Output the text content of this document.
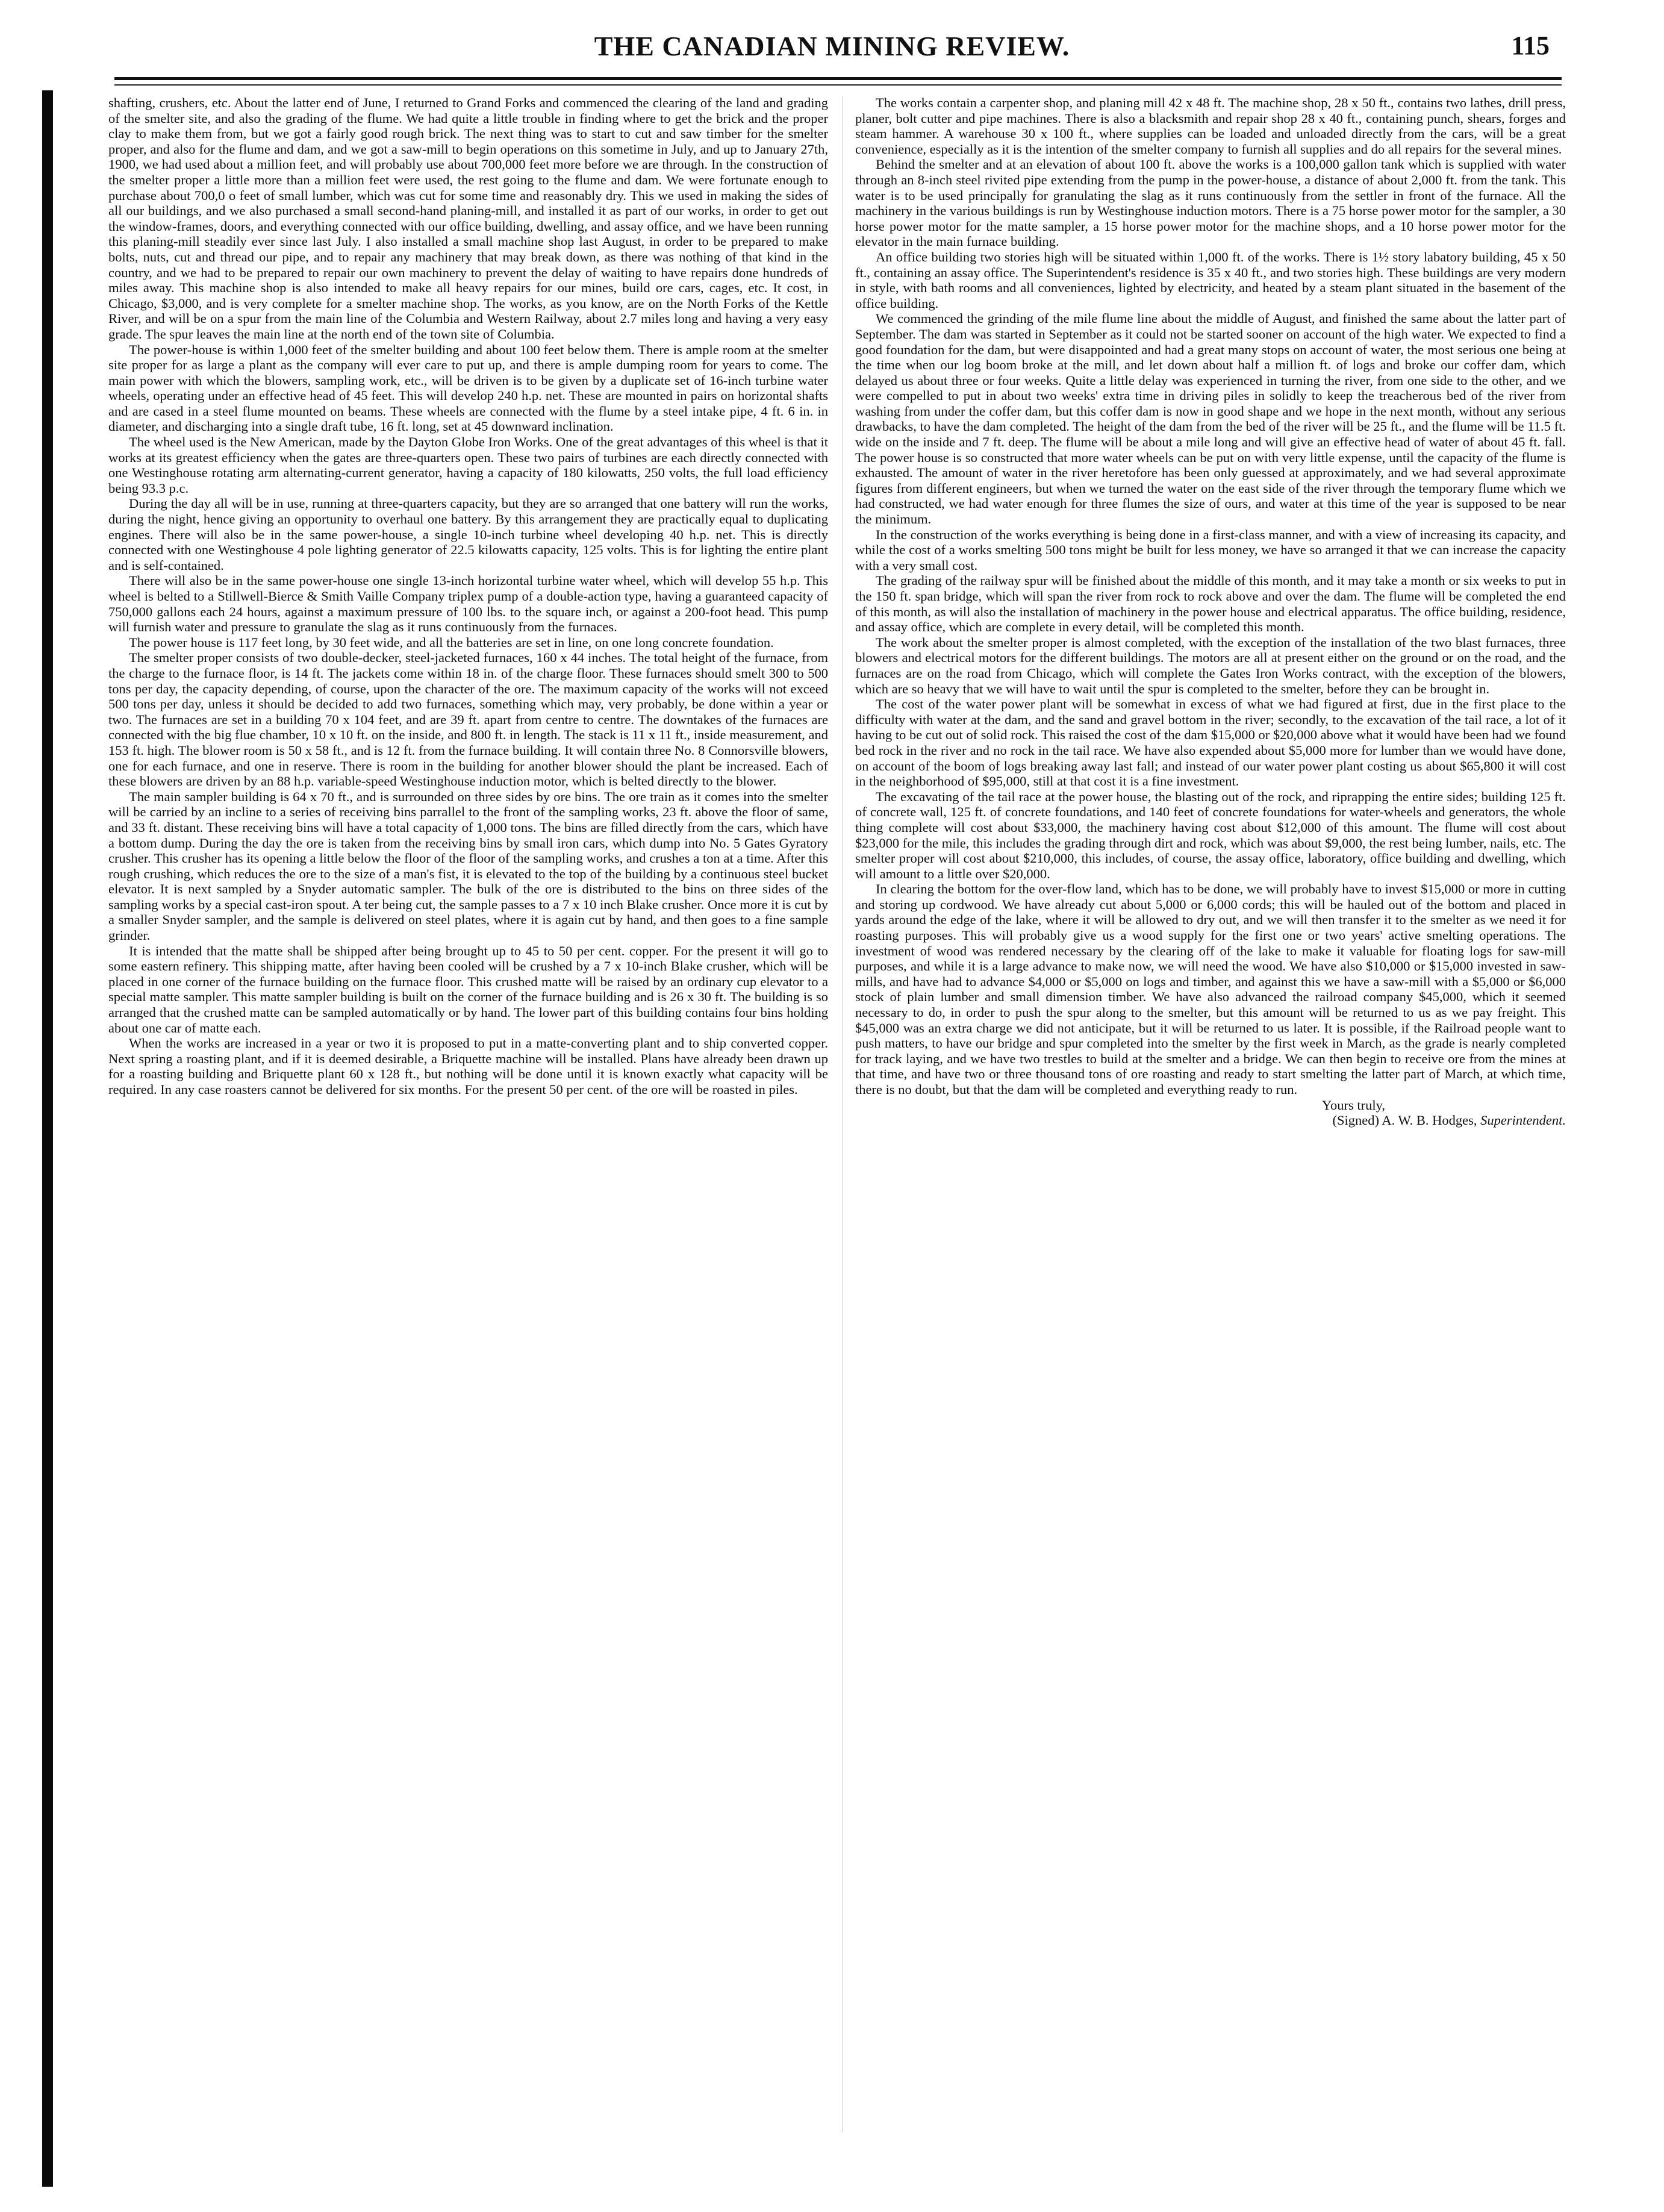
THE CANADIAN MINING REVIEW.	115

shafting, crushers, etc. About the latter end of June, I returned to Grand Forks and commenced the clearing of the land and grading of the smelter site, and also the grading of the flume. We had quite a little trouble in finding where to get the brick and the proper clay to make them from, but we got a fairly good rough brick. The next thing was to start to cut and saw timber for the smelter proper, and also for the flume and dam, and we got a saw-mill to begin operations on this sometime in July, and up to January 27th, 1900, we had used about a million feet, and will probably use about 700,000 feet more before we are through. In the construction of the smelter proper a little more than a million feet were used, the rest going to the flume and dam. We were fortunate enough to purchase about 700,0 o feet of small lumber, which was cut for some time and reasonably dry. This we used in making the sides of all our buildings, and we also purchased a small second-hand planing-mill, and installed it as part of our works, in order to get out the window-frames, doors, and everything connected with our office building, dwelling, and assay office, and we have been running this planing-mill steadily ever since last July. I also installed a small machine shop last August, in order to be prepared to make bolts, nuts, cut and thread our pipe, and to repair any machinery that may break down, as there was nothing of that kind in the country, and we had to be prepared to repair our own machinery to prevent the delay of waiting to have repairs done hundreds of miles away. This machine shop is also intended to make all heavy repairs for our mines, build ore cars, cages, etc. It cost, in Chicago, $3,000, and is very complete for a smelter machine shop. The works, as you know, are on the North Forks of the Kettle River, and will be on a spur from the main line of the Columbia and Western Railway, about 2.7 miles long and having a very easy grade. The spur leaves the main line at the north end of the town site of Columbia.

The power-house is within 1,000 feet of the smelter building and about 100 feet below them. There is ample room at the smelter site proper for as large a plant as the company will ever care to put up, and there is ample dumping room for years to come. The main power with which the blowers, sampling work, etc., will be driven is to be given by a duplicate set of 16-inch turbine water wheels, operating under an effective head of 45 feet. This will develop 240 h.p. net. These are mounted in pairs on horizontal shafts and are cased in a steel flume mounted on beams. These wheels are connected with the flume by a steel intake pipe, 4 ft. 6 in. in diameter, and discharging into a single draft tube, 16 ft. long, set at 45 downward inclination.

The wheel used is the New American, made by the Dayton Globe Iron Works. One of the great advantages of this wheel is that it works at its greatest efficiency when the gates are three-quarters open. These two pairs of turbines are each directly connected with one Westinghouse rotating arm alternating-current generator, having a capacity of 180 kilowatts, 250 volts, the full load efficiency being 93.3 p.c.

During the day all will be in use, running at three-quarters capacity, but they are so arranged that one battery will run the works, during the night, hence giving an opportunity to overhaul one battery. By this arrangement they are practically equal to duplicating engines. There will also be in the same power-house, a single 10-inch turbine wheel developing 40 h.p. net. This is directly connected with one Westinghouse 4 pole lighting generator of 22.5 kilowatts capacity, 125 volts. This is for lighting the entire plant and is self-contained.

There will also be in the same power-house one single 13-inch horizontal turbine water wheel, which will develop 55 h.p. This wheel is belted to a Stillwell-Bierce & Smith Vaille Company triplex pump of a double-action type, having a guaranteed capacity of 750,000 gallons each 24 hours, against a maximum pressure of 100 lbs. to the square inch, or against a 200-foot head. This pump will furnish water and pressure to granulate the slag as it runs continuously from the furnaces.

The power house is 117 feet long, by 30 feet wide, and all the batteries are set in line, on one long concrete foundation.

The smelter proper consists of two double-decker, steel-jacketed furnaces, 160 x 44 inches. The total height of the furnace, from the charge to the furnace floor, is 14 ft. The jackets come within 18 in. of the charge floor. These furnaces should smelt 300 to 500 tons per day, the capacity depending, of course, upon the character of the ore. The maximum capacity of the works will not exceed 500 tons per day, unless it should be decided to add two furnaces, something which may, very probably, be done within a year or two. The furnaces are set in a building 70 x 104 feet, and are 39 ft. apart from centre to centre. The downtakes of the furnaces are connected with the big flue chamber, 10 x 10 ft. on the inside, and 800 ft. in length. The stack is 11 x 11 ft., inside measurement, and 153 ft. high. The blower room is 50 x 58 ft., and is 12 ft. from the furnace building. It will contain three No. 8 Connorsville blowers, one for each furnace, and one in reserve. There is room in the building for another blower should the plant be increased. Each of these blowers are driven by an 88 h.p. variable-speed Westinghouse induction motor, which is belted directly to the blower.

The main sampler building is 64 x 70 ft., and is surrounded on three sides by ore bins. The ore train as it comes into the smelter will be carried by an incline to a series of receiving bins parrallel to the front of the sampling works, 23 ft. above the floor of same, and 33 ft. distant. These receiving bins will have a total capacity of 1,000 tons. The bins are filled directly from the cars, which have a bottom dump. During the day the ore is taken from the receiving bins by small iron cars, which dump into No. 5 Gates Gyratory crusher. This crusher has its opening a little below the floor of the floor of the sampling works, and crushes a ton at a time. After this rough crushing, which reduces the ore to the size of a man's fist, it is elevated to the top of the building by a continuous steel bucket elevator. It is next sampled by a Snyder automatic sampler. The bulk of the ore is distributed to the bins on three sides of the sampling works by a special cast-iron spout. A ter being cut, the sample passes to a 7 x 10 inch Blake crusher. Once more it is cut by a smaller Snyder sampler, and the sample is delivered on steel plates, where it is again cut by hand, and then goes to a fine sample grinder.

It is intended that the matte shall be shipped after being brought up to 45 to 50 per cent. copper. For the present it will go to some eastern refinery. This shipping matte, after having been cooled will be crushed by a 7 x 10-inch Blake crusher, which will be placed in one corner of the furnace building on the furnace floor. This crushed matte will be raised by an ordinary cup elevator to a special matte sampler. This matte sampler building is built on the corner of the furnace building and is 26 x 30 ft. The building is so arranged that the crushed matte can be sampled automatically or by hand. The lower part of this building contains four bins holding about one car of matte each.

When the works are increased in a year or two it is proposed to put in a matte-converting plant and to ship converted copper. Next spring a roasting plant, and if it is deemed desirable, a Briquette machine will be installed. Plans have already been drawn up for a roasting building and Briquette plant 60 x 128 ft., but nothing will be done until it is known exactly what capacity will be required. In any case roasters cannot be delivered for six months. For the present 50 per cent. of the ore will be roasted in piles.

The works contain a carpenter shop, and planing mill 42 x 48 ft. The machine shop, 28 x 50 ft., contains two lathes, drill press, planer, bolt cutter and pipe machines. There is also a blacksmith and repair shop 28 x 40 ft., containing punch, shears, forges and steam hammer. A warehouse 30 x 100 ft., where supplies can be loaded and unloaded directly from the cars, will be a great convenience, especially as it is the intention of the smelter company to furnish all supplies and do all repairs for the several mines.

Behind the smelter and at an elevation of about 100 ft. above the works is a 100,000 gallon tank which is supplied with water through an 8-inch steel rivited pipe extending from the pump in the power-house, a distance of about 2,000 ft. from the tank. This water is to be used principally for granulating the slag as it runs continuously from the settler in front of the furnace. All the machinery in the various buildings is run by Westinghouse induction motors. There is a 75 horse power motor for the sampler, a 30 horse power motor for the matte sampler, a 15 horse power motor for the machine shops, and a 10 horse power motor for the elevator in the main furnace building.

An office building two stories high will be situated within 1,000 ft. of the works. There is 1½ story labatory building, 45 x 50 ft., containing an assay office. The Superintendent's residence is 35 x 40 ft., and two stories high. These buildings are very modern in style, with bath rooms and all conveniences, lighted by electricity, and heated by a steam plant situated in the basement of the office building.

We commenced the grinding of the mile flume line about the middle of August, and finished the same about the latter part of September. The dam was started in September as it could not be started sooner on account of the high water. We expected to find a good foundation for the dam, but were disappointed and had a great many stops on account of water, the most serious one being at the time when our log boom broke at the mill, and let down about half a million ft. of logs and broke our coffer dam, which delayed us about three or four weeks. Quite a little delay was experienced in turning the river, from one side to the other, and we were compelled to put in about two weeks' extra time in driving piles in solidly to keep the treacherous bed of the river from washing from under the coffer dam, but this coffer dam is now in good shape and we hope in the next month, without any serious drawbacks, to have the dam completed. The height of the dam from the bed of the river will be 25 ft., and the flume will be 11.5 ft. wide on the inside and 7 ft. deep. The flume will be about a mile long and will give an effective head of water of about 45 ft. fall. The power house is so constructed that more water wheels can be put on with very little expense, until the capacity of the flume is exhausted. The amount of water in the river heretofore has been only guessed at approximately, and we had several approximate figures from different engineers, but when we turned the water on the east side of the river through the temporary flume which we had constructed, we had water enough for three flumes the size of ours, and water at this time of the year is supposed to be near the minimum.

In the construction of the works everything is being done in a first-class manner, and with a view of increasing its capacity, and while the cost of a works smelting 500 tons might be built for less money, we have so arranged it that we can increase the capacity with a very small cost.

The grading of the railway spur will be finished about the middle of this month, and it may take a month or six weeks to put in the 150 ft. span bridge, which will span the river from rock to rock above and over the dam. The flume will be completed the end of this month, as will also the installation of machinery in the power house and electrical apparatus. The office building, residence, and assay office, which are complete in every detail, will be completed this month.

The work about the smelter proper is almost completed, with the exception of the installation of the two blast furnaces, three blowers and electrical motors for the different buildings. The motors are all at present either on the ground or on the road, and the furnaces are on the road from Chicago, which will complete the Gates Iron Works contract, with the exception of the blowers, which are so heavy that we will have to wait until the spur is completed to the smelter, before they can be brought in.

The cost of the water power plant will be somewhat in excess of what we had figured at first, due in the first place to the difficulty with water at the dam, and the sand and gravel bottom in the river; secondly, to the excavation of the tail race, a lot of it having to be cut out of solid rock. This raised the cost of the dam $15,000 or $20,000 above what it would have been had we found bed rock in the river and no rock in the tail race. We have also expended about $5,000 more for lumber than we would have done, on account of the boom of logs breaking away last fall; and instead of our water power plant costing us about $65,800 it will cost in the neighborhood of $95,000, still at that cost it is a fine investment.

The excavating of the tail race at the power house, the blasting out of the rock, and riprapping the entire sides; building 125 ft. of concrete wall, 125 ft. of concrete foundations, and 140 feet of concrete foundations for water-wheels and generators, the whole thing complete will cost about $33,000, the machinery having cost about $12,000 of this amount. The flume will cost about $23,000 for the mile, this includes the grading through dirt and rock, which was about $9,000, the rest being lumber, nails, etc. The smelter proper will cost about $210,000, this includes, of course, the assay office, laboratory, office building and dwelling, which will amount to a little over $20,000.

In clearing the bottom for the over-flow land, which has to be done, we will probably have to invest $15,000 or more in cutting and storing up cordwood. We have already cut about 5,000 or 6,000 cords; this will be hauled out of the bottom and placed in yards around the edge of the lake, where it will be allowed to dry out, and we will then transfer it to the smelter as we need it for roasting purposes. This will probably give us a wood supply for the first one or two years' active smelting operations. The investment of wood was rendered necessary by the clearing off of the lake to make it valuable for floating logs for saw-mill purposes, and while it is a large advance to make now, we will need the wood. We have also $10,000 or $15,000 invested in saw-mills, and have had to advance $4,000 or $5,000 on logs and timber, and against this we have a saw-mill with a $5,000 or $6,000 stock of plain lumber and small dimension timber. We have also advanced the railroad company $45,000, which it seemed necessary to do, in order to push the spur along to the smelter, but this amount will be returned to us as we pay freight. This $45,000 was an extra charge we did not anticipate, but it will be returned to us later. It is possible, if the Railroad people want to push matters, to have our bridge and spur completed into the smelter by the first week in March, as the grade is nearly completed for track laying, and we have two trestles to build at the smelter and a bridge. We can then begin to receive ore from the mines at that time, and have two or three thousand tons of ore roasting and ready to start smelting the latter part of March, at which time, there is no doubt, but that the dam will be completed and everything ready to run.

Yours truly,
(Signed) A. W. B. Hodges, Superintendent.
